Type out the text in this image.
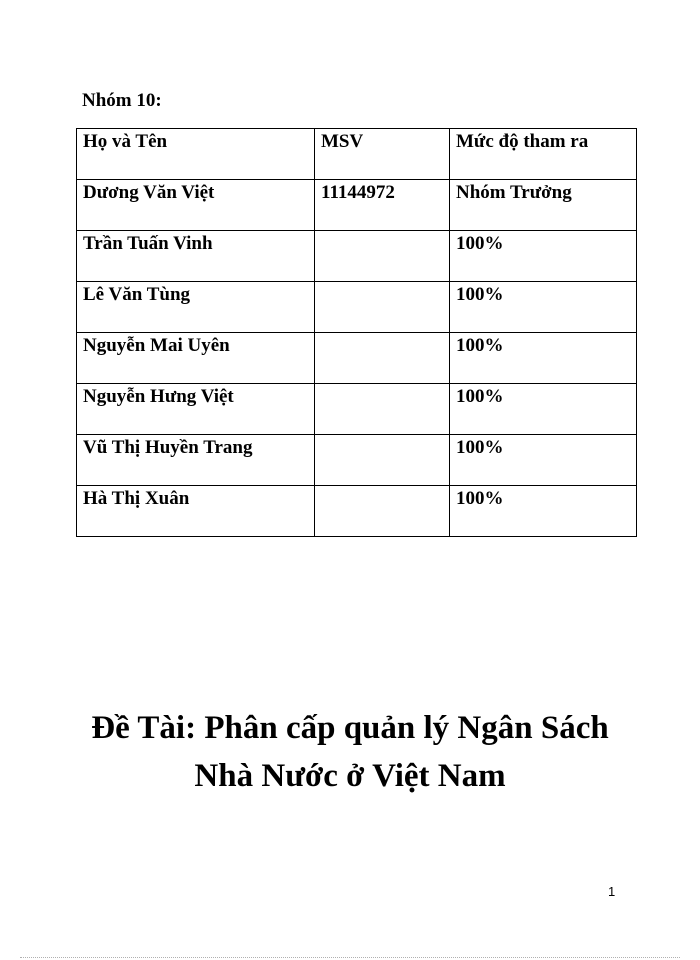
Nhóm 10:
Họ và Tên	MSV	Mức độ tham ra
Dương Văn Việt	11144972	Nhóm Trưởng
Trần Tuấn Vinh		100%
Lê Văn Tùng		100%
Nguyễn Mai Uyên		100%
Nguyễn Hưng Việt		100%
Vũ Thị Huyền Trang		100%
Hà Thị Xuân		100%
Đề Tài: Phân cấp quản lý Ngân Sách
Nhà Nước ở Việt Nam
1
